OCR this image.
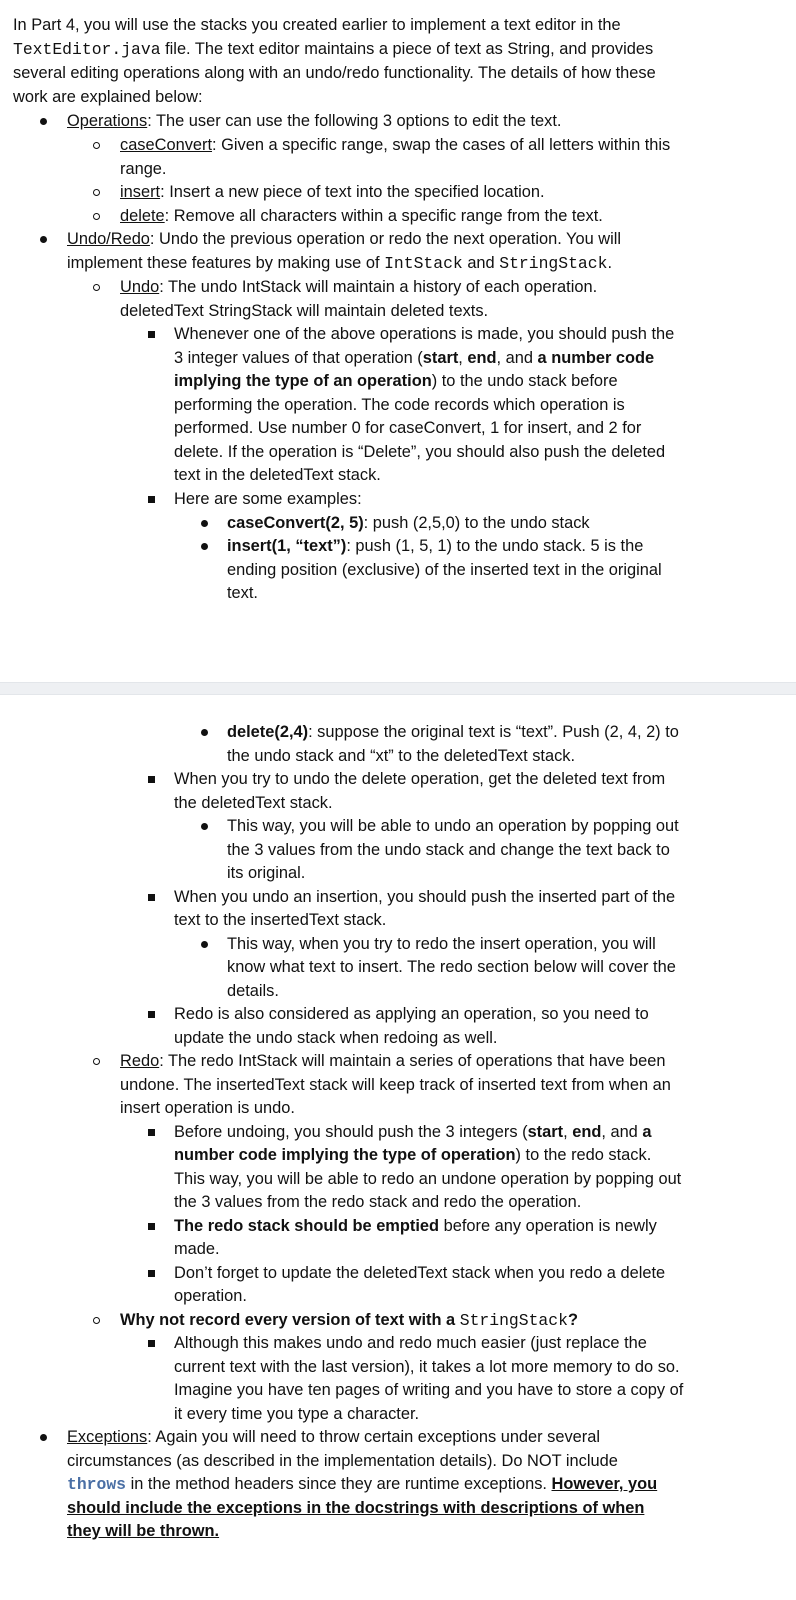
In Part 4, you will use the stacks you created earlier to implement a text editor in the
TextEditor.java file. The text editor maintains a piece of text as String, and provides
several editing operations along with an undo/redo functionality. The details of how these
work are explained below:
Operations: The user can use the following 3 options to edit the text.
caseConvert: Given a specific range, swap the cases of all letters within this
range.
insert: Insert a new piece of text into the specified location.
delete: Remove all characters within a specific range from the text.
Undo/Redo: Undo the previous operation or redo the next operation. You will
implement these features by making use of IntStack and StringStack.
Undo: The undo IntStack will maintain a history of each operation.
deletedText StringStack will maintain deleted texts.
Whenever one of the above operations is made, you should push the
3 integer values of that operation (start, end, and a number code
implying the type of an operation) to the undo stack before
performing the operation. The code records which operation is
performed. Use number 0 for caseConvert, 1 for insert, and 2 for
delete. If the operation is “Delete”, you should also push the deleted
text in the deletedText stack.
Here are some examples:
caseConvert(2, 5): push (2,5,0) to the undo stack
insert(1, “text”): push (1, 5, 1) to the undo stack. 5 is the
ending position (exclusive) of the inserted text in the original
text.
delete(2,4): suppose the original text is “text”. Push (2, 4, 2) to
the undo stack and “xt” to the deletedText stack.
When you try to undo the delete operation, get the deleted text from
the deletedText stack.
This way, you will be able to undo an operation by popping out
the 3 values from the undo stack and change the text back to
its original.
When you undo an insertion, you should push the inserted part of the
text to the insertedText stack.
This way, when you try to redo the insert operation, you will
know what text to insert. The redo section below will cover the
details.
Redo is also considered as applying an operation, so you need to
update the undo stack when redoing as well.
Redo: The redo IntStack will maintain a series of operations that have been
undone. The insertedText stack will keep track of inserted text from when an
insert operation is undo.
Before undoing, you should push the 3 integers (start, end, and a
number code implying the type of operation) to the redo stack.
This way, you will be able to redo an undone operation by popping out
the 3 values from the redo stack and redo the operation.
The redo stack should be emptied before any operation is newly
made.
Don’t forget to update the deletedText stack when you redo a delete
operation.
Why not record every version of text with a StringStack?
Although this makes undo and redo much easier (just replace the
current text with the last version), it takes a lot more memory to do so.
Imagine you have ten pages of writing and you have to store a copy of
it every time you type a character.
Exceptions: Again you will need to throw certain exceptions under several
circumstances (as described in the implementation details). Do NOT include
throws in the method headers since they are runtime exceptions. However, you
should include the exceptions in the docstrings with descriptions of when
they will be thrown.
